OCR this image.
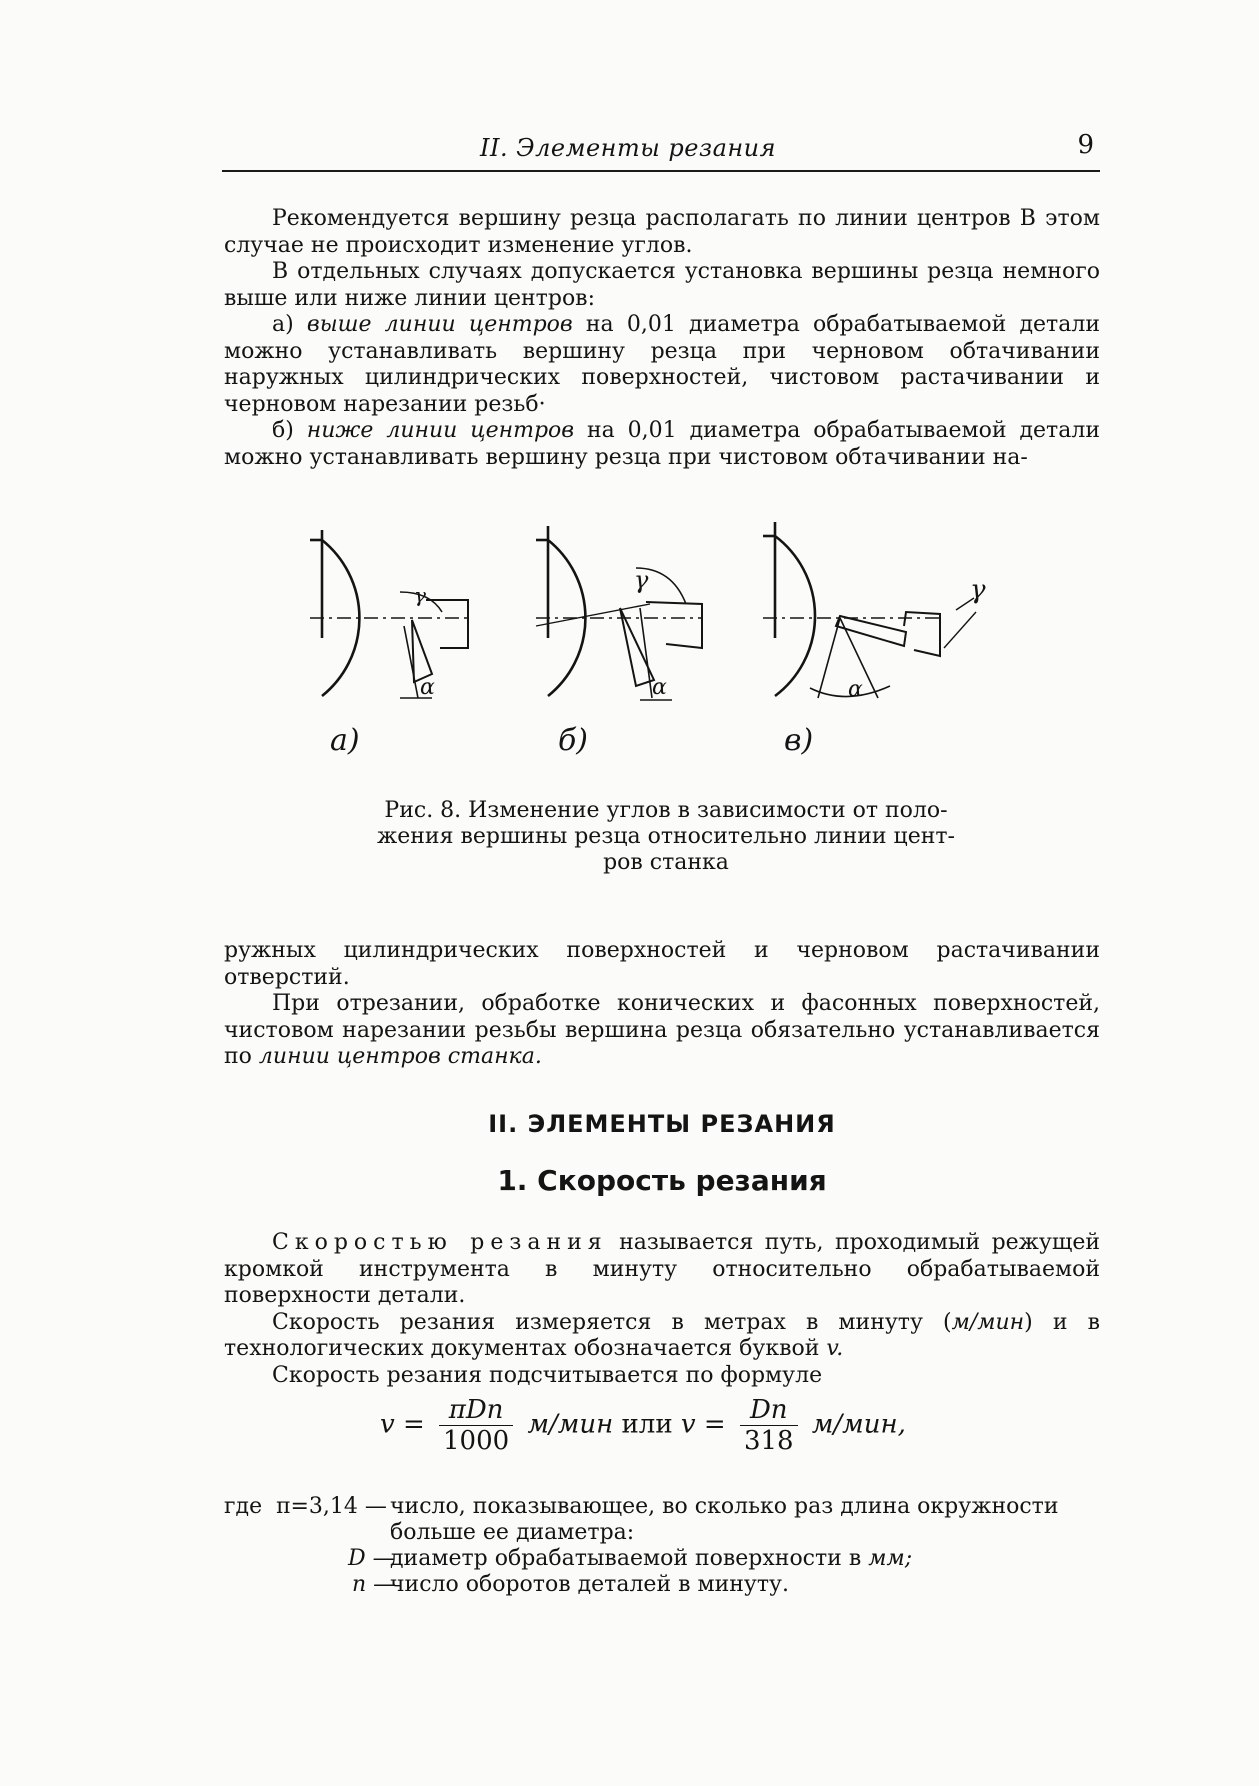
II. Элементы резания	9

Рекомендуется вершину резца располагать по линии центров В этом случае не происходит изменение углов.

В отдельных случаях допускается установка вершины резца немного выше или ниже линии центров:

а) выше линии центров на 0,01 диаметра обрабатываемой детали можно устанавливать вершину резца при черновом обтачивании наружных цилиндрических поверхностей, чистовом растачивании и черновом нарезании резьб·

б) ниже линии центров на 0,01 диаметра обрабатываемой детали можно устанавливать вершину резца при чистовом обтачивании на-

γ
α
γ
α
γ
α
а)	б)	в)
Рис. 8. Изменение углов в зависимости от поло-
жения вершины резца относительно линии цент-
ров станка

ружных цилиндрических поверхностей и черновом растачивании отверстий.

При отрезании, обработке конических и фасонных поверхностей, чистовом нарезании резьбы вершина резца обязательно устанавливается по линии центров станка.

II. ЭЛЕМЕНТЫ РЕЗАНИЯ
1. Скорость резания

Скоростью резания называется путь, проходимый режущей кромкой инструмента в минуту относительно обрабатываемой поверхности детали.

Скорость резания измеряется в метрах в минуту (м/мин) и в технологических документах обозначается буквой v.

Скорость резания подсчитывается по формуле

$v = \frac{\text{πDn}}{1000} м/мин$ или $v = \frac{Dn}{318} м/мин$,
где π=3,14 — число, показывающее, во сколько раз длина окружности больше ее диаметра:
D —
диаметр обрабатываемой поверхности в мм;
n —
число оборотов деталей в минуту.
